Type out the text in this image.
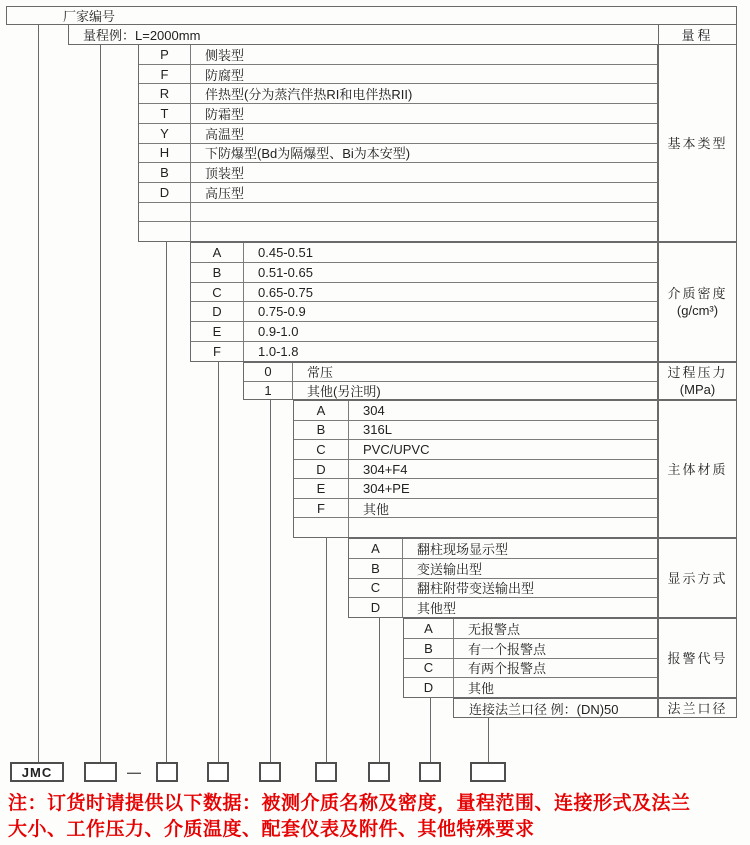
厂家编号
量程例：L=2000mm	量程
P	侧装型
F	防腐型
R	伴热型(分为蒸汽伴热RI和电伴热RII)
T	防霜型
Y	高温型
H	下防爆型(Bd为隔爆型、Bi为本安型)
B	顶装型
D	高压型
A	0.45-0.51
B	0.51-0.65
C	0.65-0.75
D	0.75-0.9
E	0.9-1.0
F	1.0-1.8
0	常压
1	其他(另注明)
A	304
B	316L
C	PVC/UPVC
D	304+F4
E	304+PE
F	其他
A	翻柱现场显示型
B	变送输出型
C	翻柱附带变送输出型
D	其他型
A	无报警点
B	有一个报警点
C	有两个报警点
D	其他
连接法兰口径 例：(DN)50
基本类型
介质密度
(g/cm³)
过程压力
(MPa)
主体材质
显示方式
报警代号
法兰口径
JMC	—
注：订货时请提供以下数据：被测介质名称及密度，量程范围、连接形式及法兰
大小、工作压力、介质温度、配套仪表及附件、其他特殊要求
